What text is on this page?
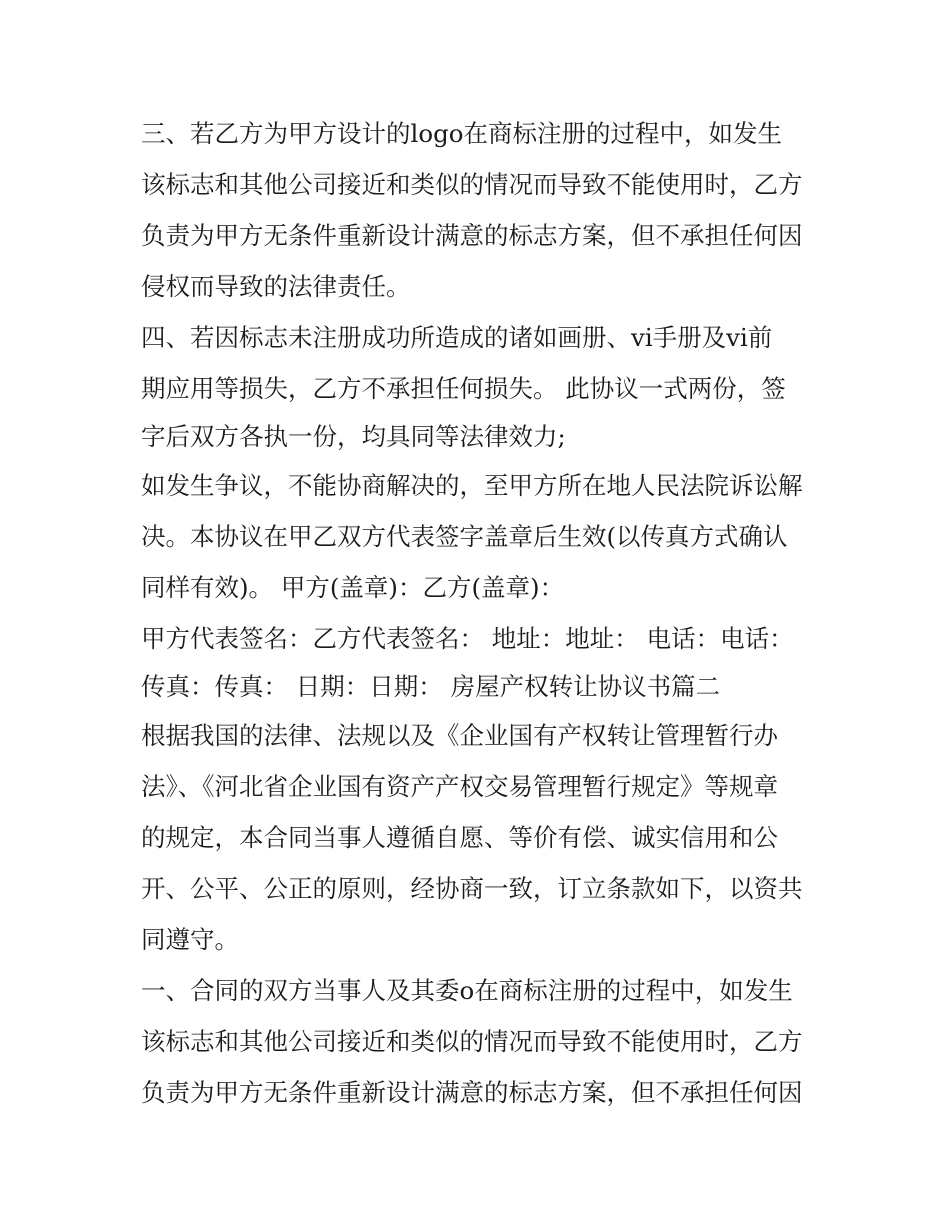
三、若乙方为甲方设计的logo在商标注册的过程中，如发生
该标志和其他公司接近和类似的情况而导致不能使用时，乙方
负责为甲方无条件重新设计满意的标志方案，但不承担任何因
侵权而导致的法律责任。
四、若因标志未注册成功所造成的诸如画册、vi手册及vi前
期应用等损失，乙方不承担任何损失。 此协议一式两份，签
字后双方各执一份，均具同等法律效力;
如发生争议，不能协商解决的，至甲方所在地人民法院诉讼解
决。本协议在甲乙双方代表签字盖章后生效(以传真方式确认
同样有效)。 甲方(盖章)：乙方(盖章)：
甲方代表签名：乙方代表签名： 地址：地址： 电话：电话：
传真：传真： 日期：日期： 房屋产权转让协议书篇二
根据我国的法律、法规以及《企业国有产权转让管理暂行办
法》、《河北省企业国有资产产权交易管理暂行规定》等规章
的规定，本合同当事人遵循自愿、等价有偿、诚实信用和公
开、公平、公正的原则，经协商一致，订立条款如下，以资共
同遵守。
一、合同的双方当事人及其委o在商标注册的过程中，如发生
该标志和其他公司接近和类似的情况而导致不能使用时，乙方
负责为甲方无条件重新设计满意的标志方案，但不承担任何因
